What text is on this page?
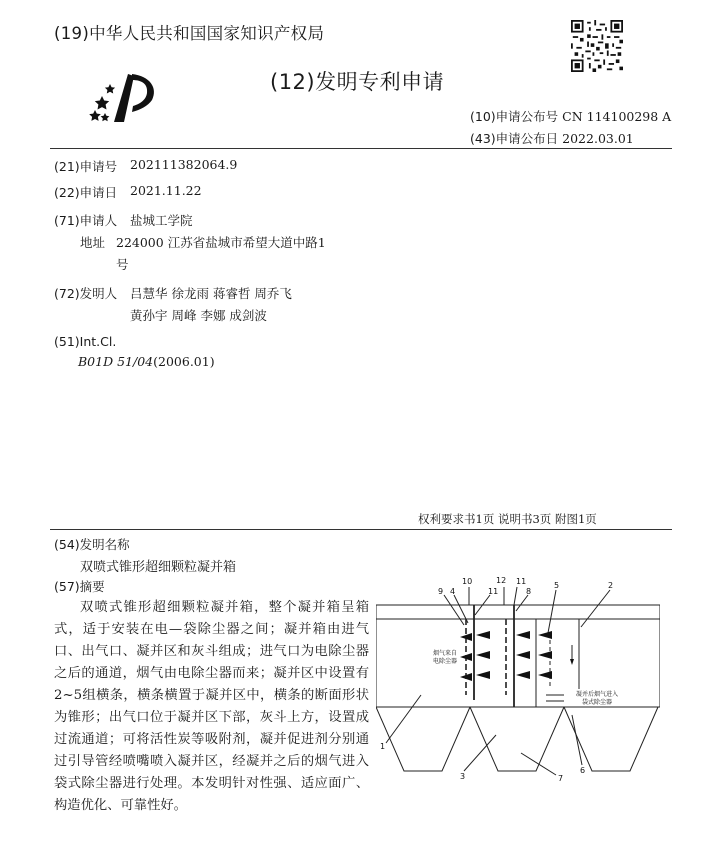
(19)中华人民共和国国家知识产权局
(12)发明专利申请
(10)申请公布号 CN 114100298 A
(43)申请公布日 2022.03.01
(21)申请号 202111382064.9
(22)申请日 2021.11.22
(71)申请人 盐城工学院
地址 224000 江苏省盐城市希望大道中路1
号
(72)发明人 吕慧华 徐龙雨 蒋睿哲 周乔飞
黄孙宇 周峰 李娜 成剑波
(51)Int.Cl.
B01D 51/04(2006.01)
权利要求书1页 说明书3页 附图1页
(54)发明名称
双喷式锥形超细颗粒凝并箱
(57)摘要
双喷式锥形超细颗粒凝并箱，整个凝并箱呈箱式，适于安装在电—袋除尘器之间；凝并箱由进气口、出气口、凝并区和灰斗组成；进气口为电除尘器之后的通道，烟气由电除尘器而来；凝并区中设置有2~5组横条，横条横置于凝并区中，横条的断面形状为锥形；出气口位于凝并区下部，灰斗上方，设置成过流通道；可将活性炭等吸附剂，凝并促进剂分别通过引导管经喷嘴喷入凝并区，经凝并之后的烟气进入袋式除尘器进行处理。本发明针对性强、适应面广、构造优化、可靠性好。
10	12 11	5	2
9 4	11	8
1
3	7
6
烟气来自
电除尘器
凝并后烟气进入
袋式除尘器
